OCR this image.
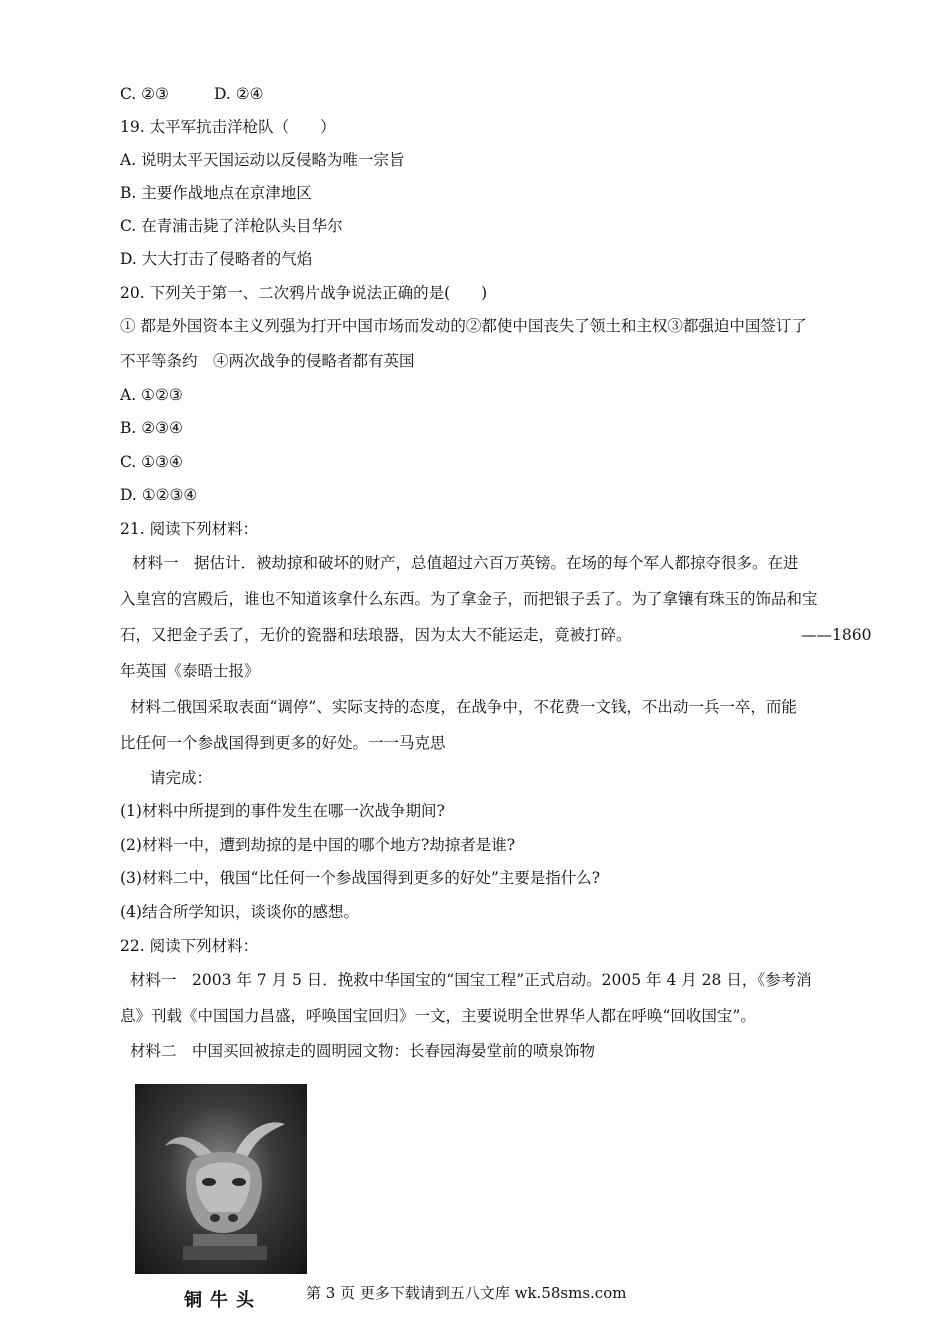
C. ②③	D. ②④
19. 太平军抗击洋枪队（　　）
A. 说明太平天国运动以反侵略为唯一宗旨
B. 主要作战地点在京津地区
C. 在青浦击毙了洋枪队头目华尔
D. 大大打击了侵略者的气焰
20. 下列关于第一、二次鸦片战争说法正确的是(　　)
① 都是外国资本主义列强为打开中国市场而发动的②都使中国丧失了领土和主权③都强迫中国签订了
不平等条约　④两次战争的侵略者都有英国
A. ①②③
B. ②③④
C. ①③④
D. ①②③④
21. 阅读下列材料：
材料一　据估计．被劫掠和破坏的财产，总值超过六百万英镑。在场的每个军人都掠夺很多。在进
入皇宫的宫殿后，谁也不知道该拿什么东西。为了拿金子，而把银子丢了。为了拿镶有珠玉的饰品和宝
石，又把金子丢了，无价的瓷器和珐琅器，因为太大不能运走，竟被打碎。	——1860
年英国《泰晤士报》
材料二俄国采取表面“调停”、实际支持的态度，在战争中，不花费一文钱，不出动一兵一卒，而能
比任何一个参战国得到更多的好处。一一马克思
请完成：
(1)材料中所提到的事件发生在哪一次战争期间?
(2)材料一中，遭到劫掠的是中国的哪个地方?劫掠者是谁?
(3)材料二中，俄国“比任何一个参战国得到更多的好处”主要是指什么?
(4)结合所学知识，谈谈你的感想。
22. 阅读下列材料：
材料一　2003 年 7 月 5 日．挽救中华国宝的“国宝工程”正式启动。2005 年 4 月 28 日，《参考消
息》刊载《中国国力昌盛，呼唤国宝回归》一文，主要说明全世界华人都在呼唤“回收国宝”。
材料二　中国买回被掠走的圆明园文物：长春园海晏堂前的喷泉饰物
铜牛头	第 3 页 更多下载请到五八文库 wk.58sms.com
